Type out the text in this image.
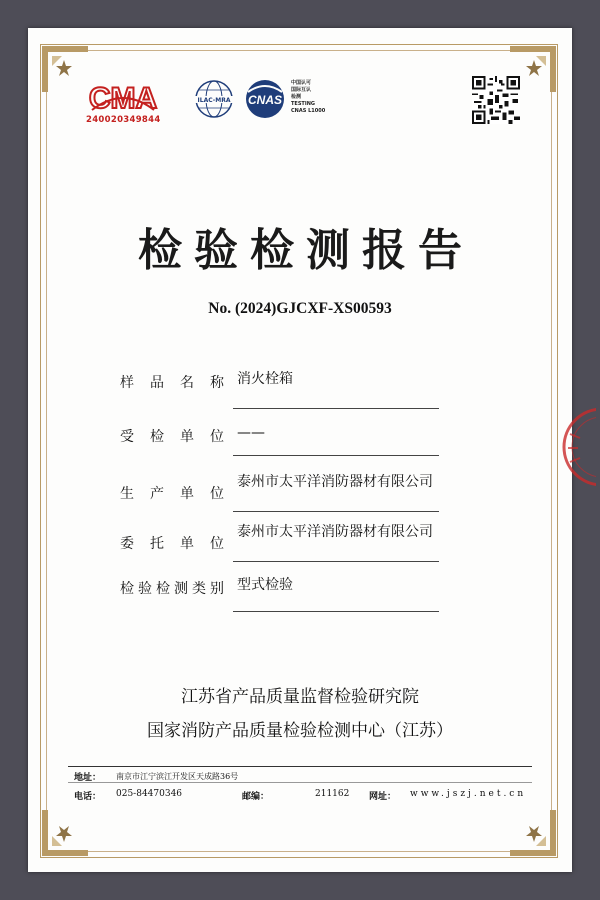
CMA
240020349844
ILAC-MRA CNAS
中国认可
国际互认
检测
TESTING
CNAS L1000
检验检测报告
No. (2024)GJCXF-XS00593
样品名称 消火栓箱
受检单位 ——
生产单位
泰州市太平洋消防器材有限公司
委托单位
泰州市太平洋消防器材有限公司
检验检测类别 型式检验
江苏省产品质量监督检验研究院
国家消防产品质量检验检测中心（江苏）
地址： 南京市江宁滨江开发区天成路36号
电话： 025-84470346	邮编：	211162 网址： www.jszj.net.cn
